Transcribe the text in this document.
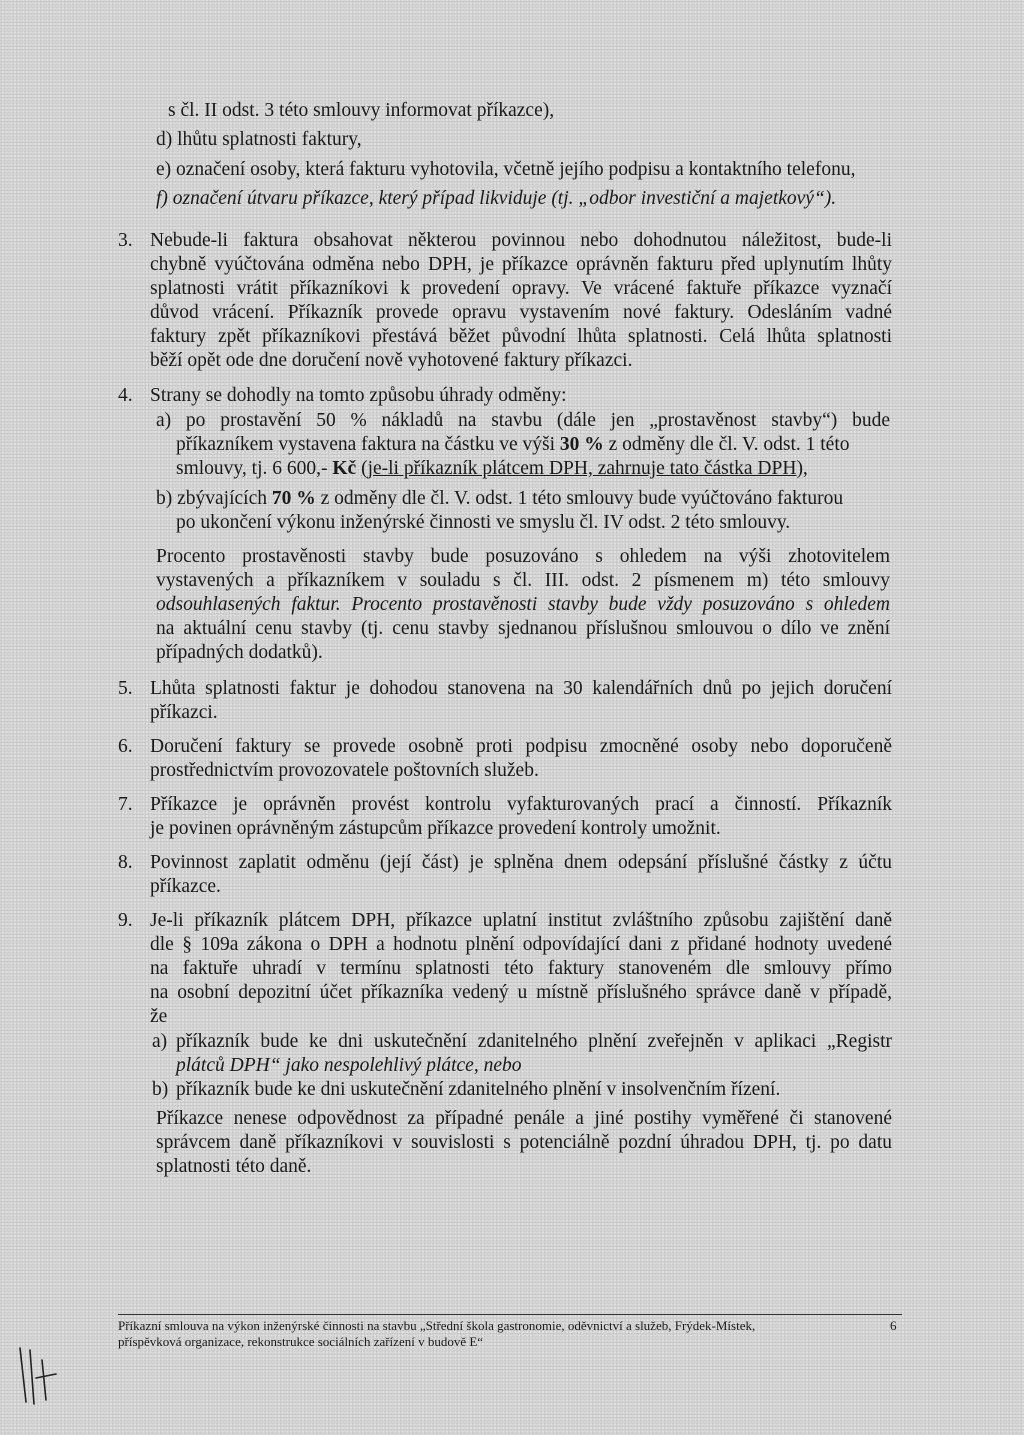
s čl. II odst. 3 této smlouvy informovat příkazce),
d) lhůtu splatnosti faktury,
e) označení osoby, která fakturu vyhotovila, včetně jejího podpisu a kontaktního telefonu,
f) označení útvaru příkazce, který případ likviduje (tj. „odbor investiční a majetkový“).
3. Nebude-li faktura obsahovat některou povinnou nebo dohodnutou náležitost, bude-li
chybně vyúčtována odměna nebo DPH, je příkazce oprávněn fakturu před uplynutím lhůty
splatnosti vrátit příkazníkovi k provedení opravy. Ve vrácené faktuře příkazce vyznačí
důvod vrácení. Příkazník provede opravu vystavením nové faktury. Odesláním vadné
faktury zpět příkazníkovi přestává běžet původní lhůta splatnosti. Celá lhůta splatnosti
běží opět ode dne doručení nově vyhotovené faktury příkazci.
4. Strany se dohodly na tomto způsobu úhrady odměny:
a) po prostavění 50 % nákladů na stavbu (dále jen „prostavěnost stavby“) bude
příkazníkem vystavena faktura na částku ve výši 30 % z odměny dle čl. V. odst. 1 této
smlouvy, tj. 6 600,- Kč (je-li příkazník plátcem DPH, zahrnuje tato částka DPH),
b) zbývajících 70 % z odměny dle čl. V. odst. 1 této smlouvy bude vyúčtováno fakturou
po ukončení výkonu inženýrské činnosti ve smyslu čl. IV odst. 2 této smlouvy.
Procento prostavěnosti stavby bude posuzováno s ohledem na výši zhotovitelem
vystavených a příkazníkem v souladu s čl. III. odst. 2 písmenem m) této smlouvy
odsouhlasených faktur. Procento prostavěnosti stavby bude vždy posuzováno s ohledem
na aktuální cenu stavby (tj. cenu stavby sjednanou příslušnou smlouvou o dílo ve znění
případných dodatků).
5. Lhůta splatnosti faktur je dohodou stanovena na 30 kalendářních dnů po jejich doručení
příkazci.
6. Doručení faktury se provede osobně proti podpisu zmocněné osoby nebo doporučeně
prostřednictvím provozovatele poštovních služeb.
7. Příkazce je oprávněn provést kontrolu vyfakturovaných prací a činností. Příkazník
je povinen oprávněným zástupcům příkazce provedení kontroly umožnit.
8. Povinnost zaplatit odměnu (její část) je splněna dnem odepsání příslušné částky z účtu
příkazce.
9. Je-li příkazník plátcem DPH, příkazce uplatní institut zvláštního způsobu zajištění daně
dle § 109a zákona o DPH a hodnotu plnění odpovídající dani z přidané hodnoty uvedené
na faktuře uhradí v termínu splatnosti této faktury stanoveném dle smlouvy přímo
na osobní depozitní účet příkazníka vedený u místně příslušného správce daně v případě,
že
a) příkazník bude ke dni uskutečnění zdanitelného plnění zveřejněn v aplikaci „Registr
plátců DPH“ jako nespolehlivý plátce, nebo
b) příkazník bude ke dni uskutečnění zdanitelného plnění v insolvenčním řízení.
Příkazce nenese odpovědnost za případné penále a jiné postihy vyměřené či stanovené
správcem daně příkazníkovi v souvislosti s potenciálně pozdní úhradou DPH, tj. po datu
splatnosti této daně.
Příkazní smlouva na výkon inženýrské činnosti na stavbu „Střední škola gastronomie, oděvnictví a služeb, Frýdek-Místek,	6
příspěvková organizace, rekonstrukce sociálních zařízení v budově E“
